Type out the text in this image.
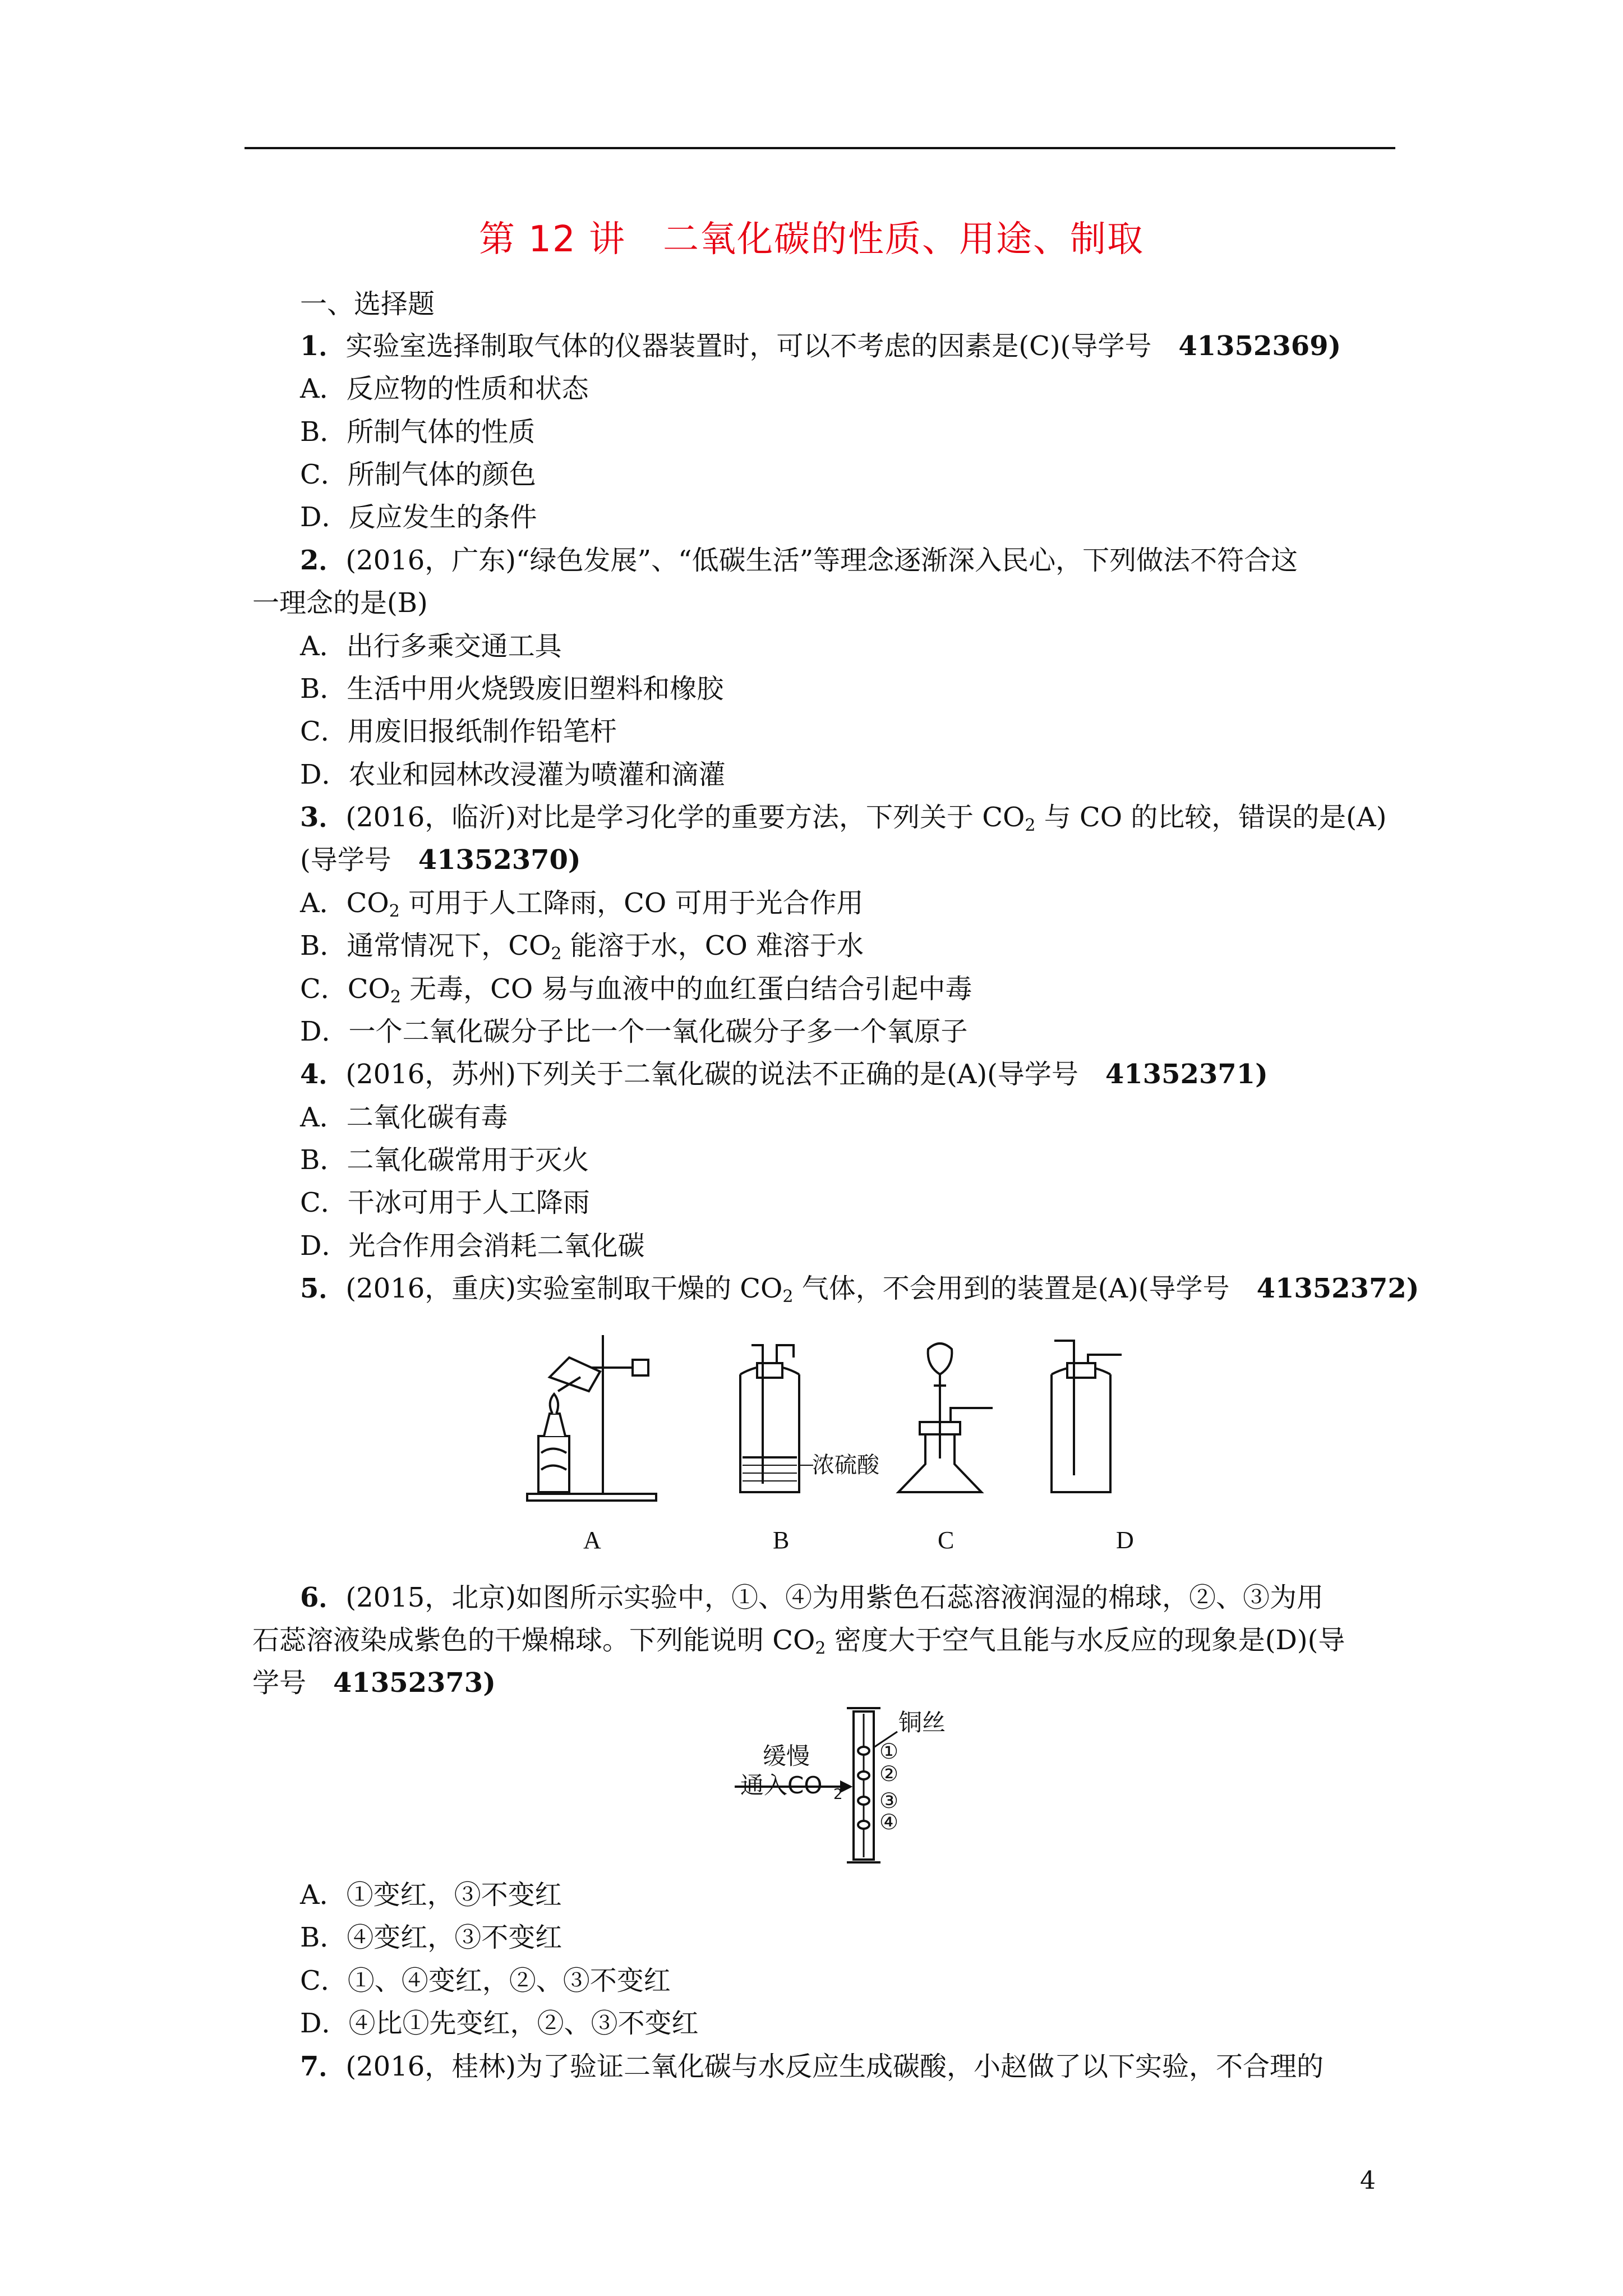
第 12 讲　二氧化碳的性质、用途、制取
一、选择题
1．实验室选择制取气体的仪器装置时，可以不考虑的因素是(C)(导学号　41352369)
A．反应物的性质和状态
B．所制气体的性质
C．所制气体的颜色
D．反应发生的条件
2．(2016，广东)“绿色发展”、“低碳生活”等理念逐渐深入民心，下列做法不符合这
一理念的是(B)
A．出行多乘交通工具
B．生活中用火烧毁废旧塑料和橡胶
C．用废旧报纸制作铅笔杆
D．农业和园林改浸灌为喷灌和滴灌
3．(2016，临沂)对比是学习化学的重要方法，下列关于 $CO_2$ 与 CO 的比较，错误的是(A)
(导学号　41352370)
A．$CO_2$ 可用于人工降雨，CO 可用于光合作用
B．通常情况下，$CO_2$ 能溶于水，CO 难溶于水
C．$CO_2$ 无毒，CO 易与血液中的血红蛋白结合引起中毒
D．一个二氧化碳分子比一个一氧化碳分子多一个氧原子
4．(2016，苏州)下列关于二氧化碳的说法不正确的是(A)(导学号　41352371)
A．二氧化碳有毒
B．二氧化碳常用于灭火
C．干冰可用于人工降雨
D．光合作用会消耗二氧化碳
5．(2016，重庆)实验室制取干燥的 $CO_2$ 气体，不会用到的装置是(A)(导学号　41352372)
浓硫酸
A	B	C	D
6．(2015，北京)如图所示实验中，①、④为用紫色石蕊溶液润湿的棉球，②、③为用
石蕊溶液染成紫色的干燥棉球。下列能说明 $CO_2$ 密度大于空气且能与水反应的现象是(D)(导
学号　41352373)
缓慢
通入CO 2
铜丝
①
②
③
④
A．①变红，③不变红
B．④变红，③不变红
C．①、④变红，②、③不变红
D．④比①先变红，②、③不变红
7．(2016，桂林)为了验证二氧化碳与水反应生成碳酸，小赵做了以下实验，不合理的
4
